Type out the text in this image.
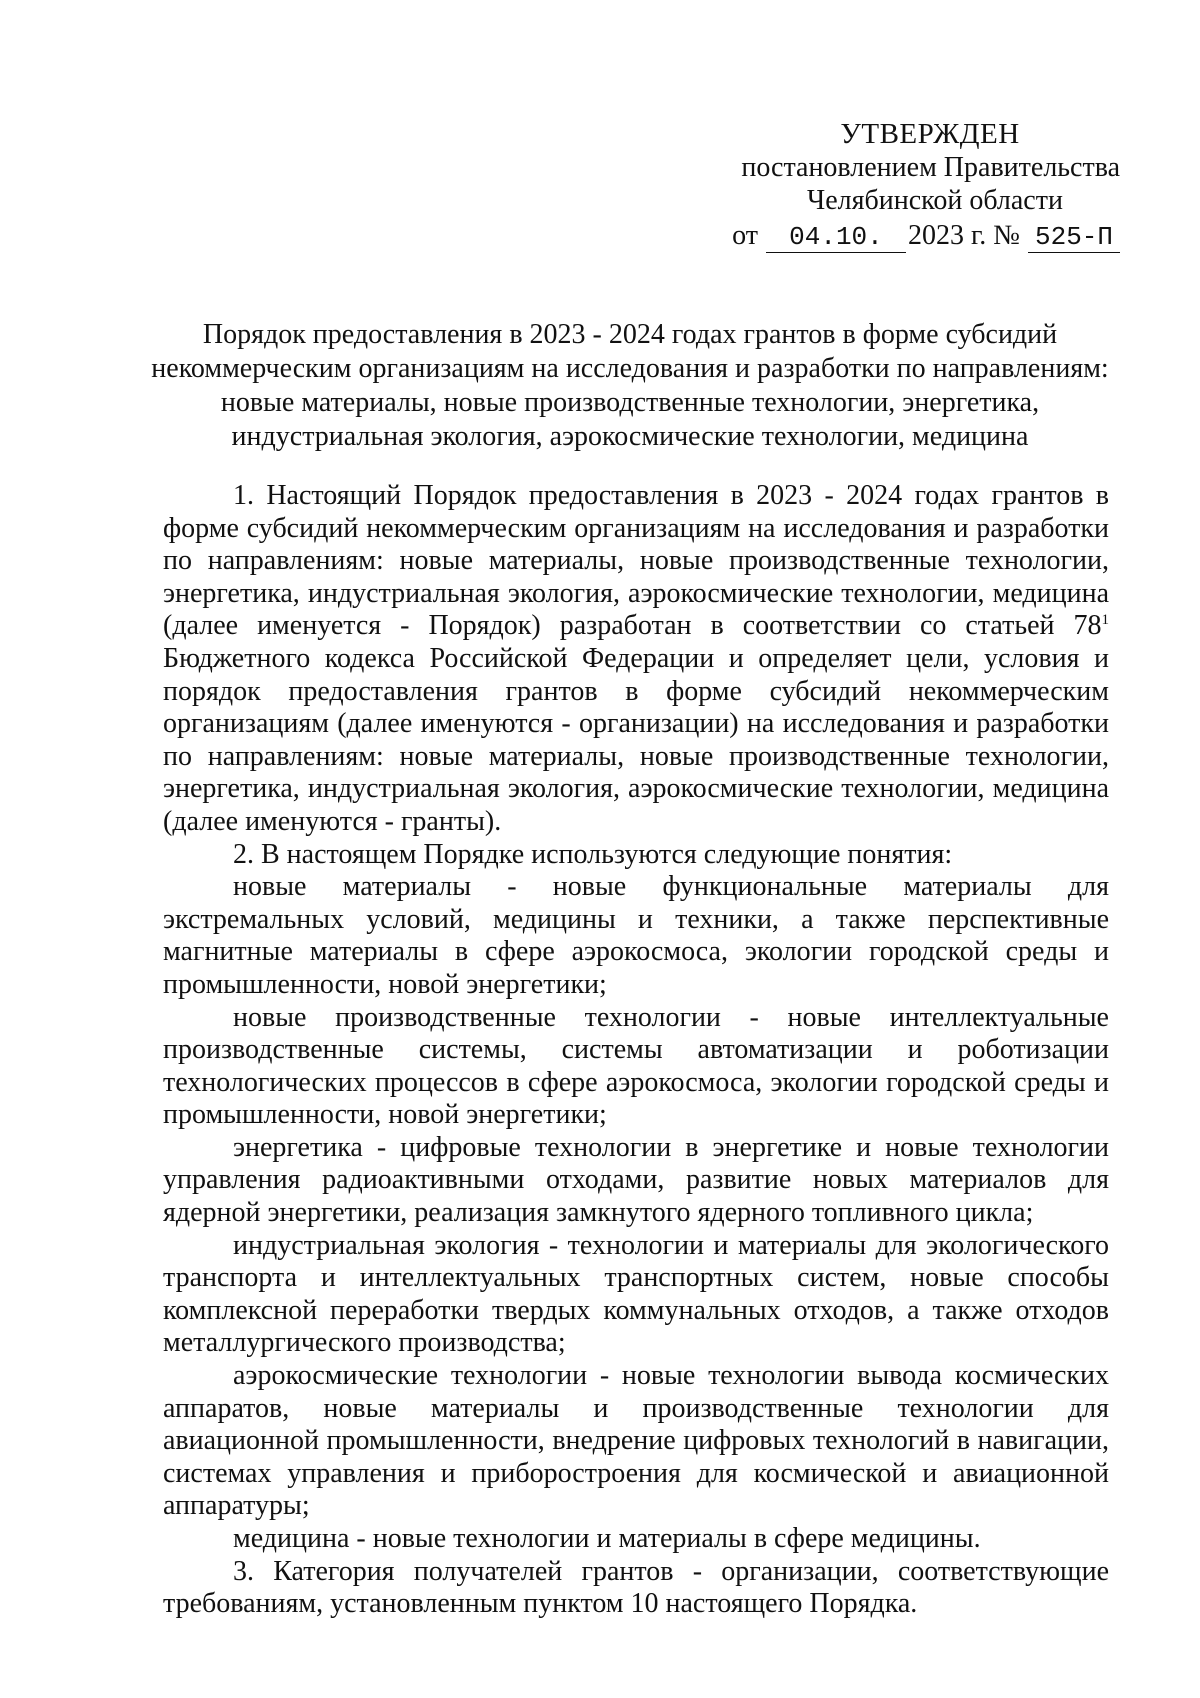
УТВЕРЖДЕН
постановлением Правительства
Челябинской области
от	04.10. 2023 г. № 525-П
Порядок предоставления в 2023 - 2024 годах грантов в форме субсидий
некоммерческим организациям на исследования и разработки по направлениям:
новые материалы, новые производственные технологии, энергетика,
индустриальная экология, аэрокосмические технологии, медицина

1. Настоящий Порядок предоставления в 2023 - 2024 годах грантов в форме субсидий некоммерческим организациям на исследования и разработки по направлениям: новые материалы, новые производственные технологии, энергетика, индустриальная экология, аэрокосмические технологии, медицина (далее именуется - Порядок) разработан в соответствии со статьей $78^1$ Бюджетного кодекса Российской Федерации и определяет цели, условия и порядок предоставления грантов в форме субсидий некоммерческим организациям (далее именуются - организации) на исследования и разработки по направлениям: новые материалы, новые производственные технологии, энергетика, индустриальная экология, аэрокосмические технологии, медицина (далее именуются - гранты).

2. В настоящем Порядке используются следующие понятия:

новые материалы - новые функциональные материалы для экстремальных условий, медицины и техники, а также перспективные магнитные материалы в сфере аэрокосмоса, экологии городской среды и промышленности, новой энергетики;

новые производственные технологии - новые интеллектуальные производственные системы, системы автоматизации и роботизации технологических процессов в сфере аэрокосмоса, экологии городской среды и промышленности, новой энергетики;

энергетика - цифровые технологии в энергетике и новые технологии управления радиоактивными отходами, развитие новых материалов для ядерной энергетики, реализация замкнутого ядерного топливного цикла;

индустриальная экология - технологии и материалы для экологического транспорта и интеллектуальных транспортных систем, новые способы комплексной переработки твердых коммунальных отходов, а также отходов металлургического производства;

аэрокосмические технологии - новые технологии вывода космических аппаратов, новые материалы и производственные технологии для авиационной промышленности, внедрение цифровых технологий в навигации, системах управления и приборостроения для космической и авиационной аппаратуры;

медицина - новые технологии и материалы в сфере медицины.

3. Категория получателей грантов - организации, соответствующие требованиям, установленным пунктом 10 настоящего Порядка.
